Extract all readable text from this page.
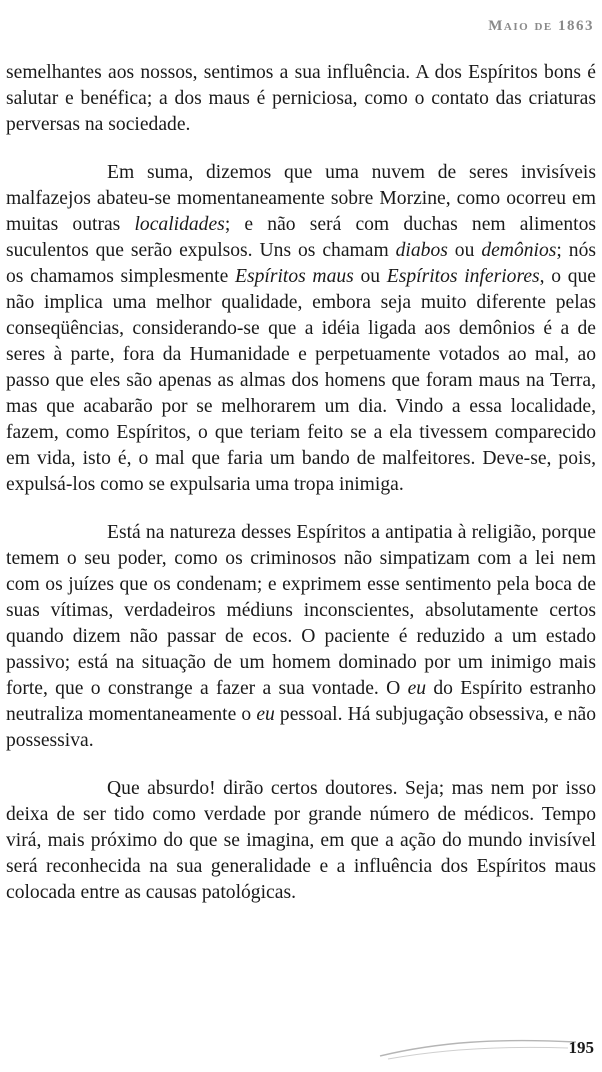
Maio de 1863

semelhantes aos nossos, sentimos a sua influência. A dos Espíritos bons é salutar e benéfica; a dos maus é perniciosa, como o contato das criaturas perversas na sociedade.

Em suma, dizemos que uma nuvem de seres invisíveis malfazejos abateu-se momentaneamente sobre Morzine, como ocorreu em muitas outras localidades; e não será com duchas nem alimentos suculentos que serão expulsos. Uns os chamam diabos ou demônios; nós os chamamos simplesmente Espíritos maus ou Espíritos inferiores, o que não implica uma melhor qualidade, embora seja muito diferente pelas conseqüências, considerando-se que a idéia ligada aos demônios é a de seres à parte, fora da Humanidade e perpetuamente votados ao mal, ao passo que eles são apenas as almas dos homens que foram maus na Terra, mas que acabarão por se melhorarem um dia. Vindo a essa localidade, fazem, como Espíritos, o que teriam feito se a ela tivessem comparecido em vida, isto é, o mal que faria um bando de malfeitores. Deve-se, pois, expulsá-los como se expulsaria uma tropa inimiga.

Está na natureza desses Espíritos a antipatia à religião, porque temem o seu poder, como os criminosos não simpatizam com a lei nem com os juízes que os condenam; e exprimem esse sentimento pela boca de suas vítimas, verdadeiros médiuns inconscientes, absolutamente certos quando dizem não passar de ecos. O paciente é reduzido a um estado passivo; está na situação de um homem dominado por um inimigo mais forte, que o constrange a fazer a sua vontade. O eu do Espírito estranho neutraliza momentaneamente o eu pessoal. Há subjugação obsessiva, e não possessiva.

Que absurdo! dirão certos doutores. Seja; mas nem por isso deixa de ser tido como verdade por grande número de médicos. Tempo virá, mais próximo do que se imagina, em que a ação do mundo invisível será reconhecida na sua generalidade e a influência dos Espíritos maus colocada entre as causas patológicas.

195
